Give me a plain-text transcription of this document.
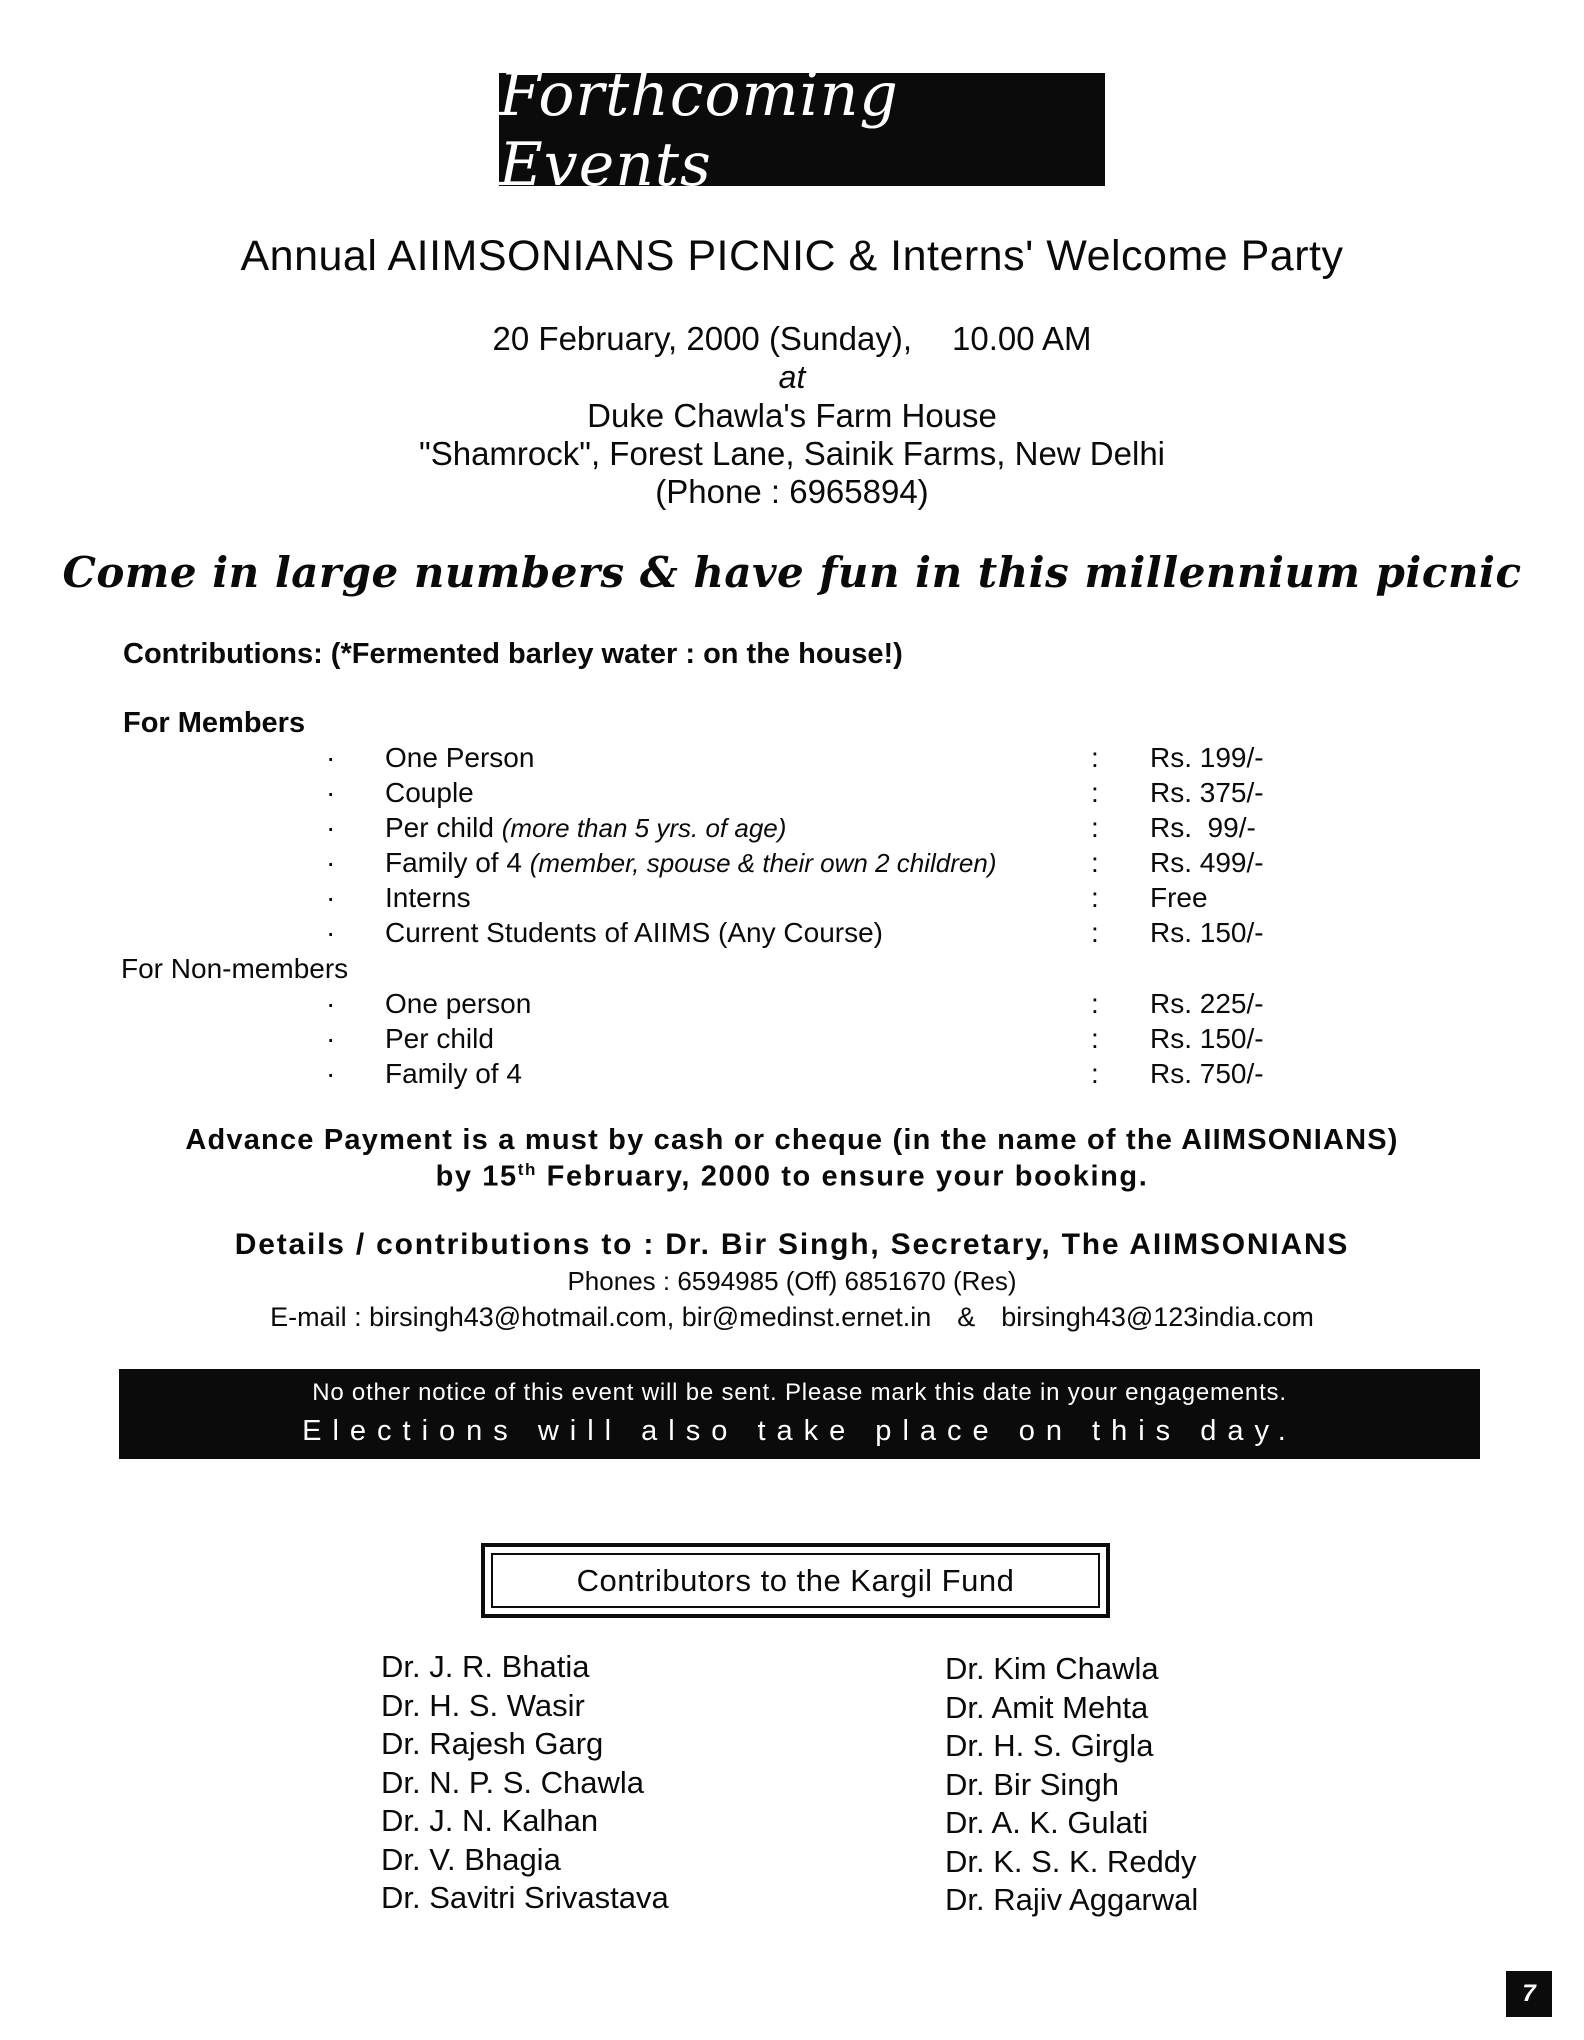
Forthcoming Events
Annual AIIMSONIANS PICNIC & Interns' Welcome Party
20 February, 2000 (Sunday), 10.00 AM
at
Duke Chawla's Farm House
"Shamrock", Forest Lane, Sainik Farms, New Delhi
(Phone : 6965894)
Come in large numbers & have fun in this millennium picnic
Contributions: (*Fermented barley water : on the house!)
For Members
· One Person	: Rs. 199/-
· Couple	: Rs. 375/-
· Per child (more than 5 yrs. of age)	: Rs.  99/-
· Family of 4 (member, spouse & their own 2 children)	: Rs. 499/-
· Interns	: Free
· Current Students of AIIMS (Any Course)	: Rs. 150/-
For Non-members
· One person	: Rs. 225/-
· Per child	: Rs. 150/-
· Family of 4	: Rs. 750/-
Advance Payment is a must by cash or cheque (in the name of the AIIMSONIANS)
by 15th February, 2000 to ensure your booking.
Details / contributions to : Dr. Bir Singh, Secretary, The AIIMSONIANS
Phones : 6594985 (Off) 6851670 (Res)
E-mail : birsingh43@hotmail.com, bir@medinst.ernet.in & birsingh43@123india.com
No other notice of this event will be sent. Please mark this date in your engagements.
Elections will also take place on this day.
Contributors to the Kargil Fund
Dr. J. R. Bhatia
Dr. H. S. Wasir
Dr. Rajesh Garg
Dr. N. P. S. Chawla
Dr. J. N. Kalhan
Dr. V. Bhagia
Dr. Savitri Srivastava
Dr. Kim Chawla
Dr. Amit Mehta
Dr. H. S. Girgla
Dr. Bir Singh
Dr. A. K. Gulati
Dr. K. S. K. Reddy
Dr. Rajiv Aggarwal
7
